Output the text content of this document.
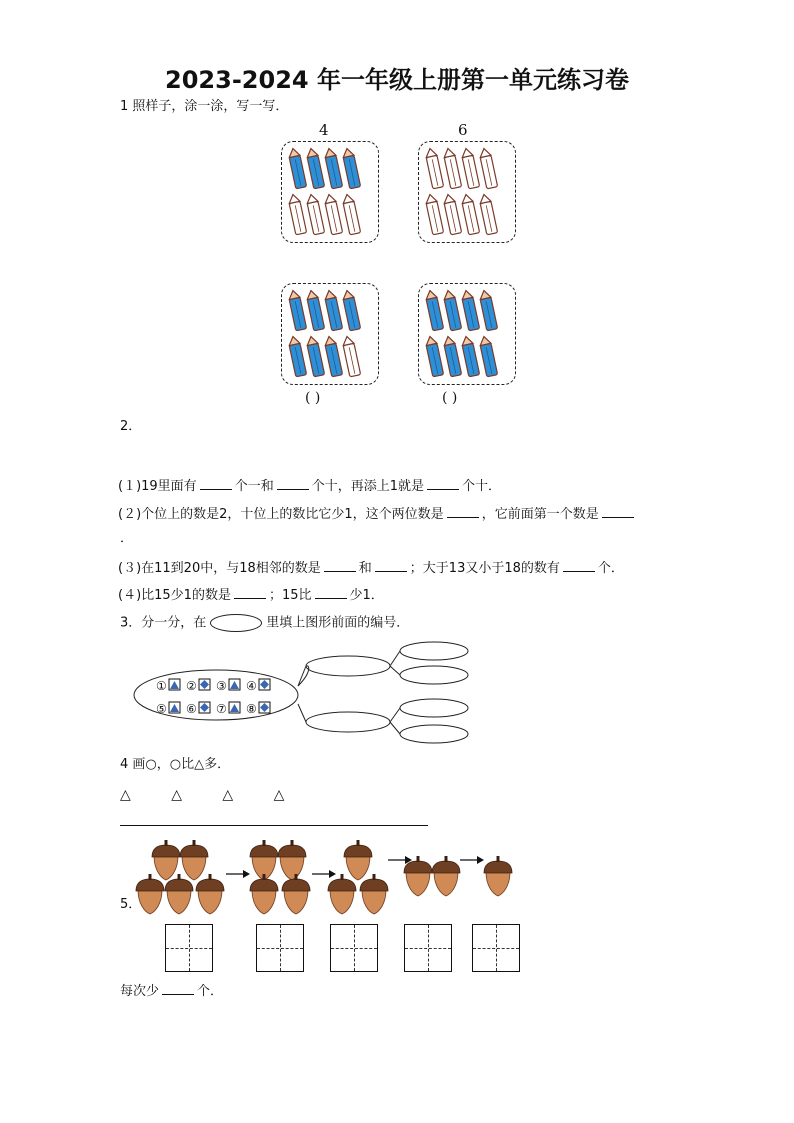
2023-2024 年一年级上册第一单元练习卷
1 照样子，涂一涂，写一写．
4	6
( )	( )
2．
(１)19里面有	个一和	个十，再添上1就是	个十．
(２)个位上的数是2，十位上的数比它少1，这个两位数是	，它前面第一个数是
．
(３)在11到20中，与18相邻的数是	和	；大于13又小于18的数有	个．
(４)比15少1的数是	；15比	少1．
3．分一分，在	里填上图形前面的编号．
① ② ③ ④
⑤ ⑥ ⑦ ⑧
4 画○，○比△多．
△ △ △ △
5．
每次少	个．
